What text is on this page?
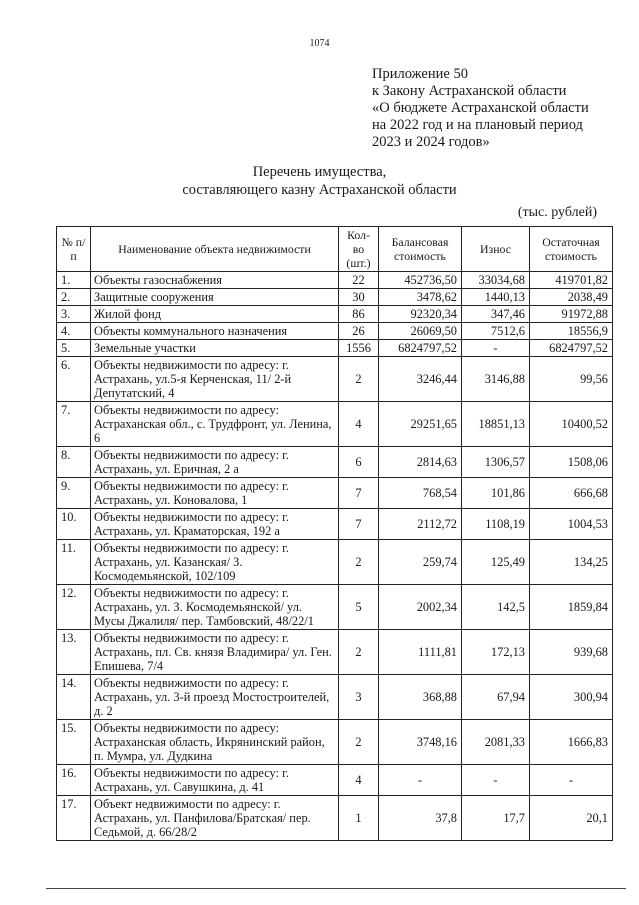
1074
Приложение 50
к Закону Астраханской области
«О бюджете Астраханской области
на 2022 год и на плановый период
2023 и 2024 годов»
Перечень имущества,
составляющего казну Астраханской области
(тыс. рублей)
№ п/п	Наименование объекта недвижимости	Кол-во (шт.)	Балансовая стоимость	Износ	Остаточная стоимость
1.	Объекты газоснабжения	22	452736,50	33034,68	419701,82
2.	Защитные сооружения	30	3478,62	1440,13	2038,49
3.	Жилой фонд	86	92320,34	347,46	91972,88
4.	Объекты коммунального назначения	26	26069,50	7512,6	18556,9
5.	Земельные участки	1556	6824797,52	-	6824797,52
6.	Объекты недвижимости по адресу: г. Астрахань, ул.5-я Керченская, 11/ 2-й Депутатский, 4	2	3246,44	3146,88	99,56
7.	Объекты недвижимости по адресу: Астраханская обл., с. Трудфронт, ул. Ленина, 6	4	29251,65	18851,13	10400,52
8.	Объекты недвижимости по адресу: г. Астрахань, ул. Еричная, 2 а	6	2814,63	1306,57	1508,06
9.	Объекты недвижимости по адресу: г. Астрахань, ул. Коновалова, 1	7	768,54	101,86	666,68
10.	Объекты недвижимости по адресу: г. Астрахань, ул. Краматорская, 192 а	7	2112,72	1108,19	1004,53
11.	Объекты недвижимости по адресу: г. Астрахань, ул. Казанская/ З. Космодемьянской, 102/109	2	259,74	125,49	134,25
12.	Объекты недвижимости по адресу: г. Астрахань, ул. З. Космодемьянской/ ул. Мусы Джалиля/ пер. Тамбовский, 48/22/1	5	2002,34	142,5	1859,84
13.	Объекты недвижимости по адресу: г. Астрахань, пл. Св. князя Владимира/ ул. Ген. Епишева, 7/4	2	1111,81	172,13	939,68
14.	Объекты недвижимости по адресу: г. Астрахань, ул. 3-й проезд Мостостроителей, д. 2	3	368,88	67,94	300,94
15.	Объекты недвижимости по адресу: Астраханская область, Икрянинский район, п. Мумра, ул. Дудкина	2	3748,16	2081,33	1666,83
16.	Объекты недвижимости по адресу: г. Астрахань, ул. Савушкина, д. 41	4	-	-	-
17.	Объект недвижимости по адресу: г. Астрахань, ул. Панфилова/Братская/ пер. Седьмой, д. 66/28/2	1	37,8	17,7	20,1
